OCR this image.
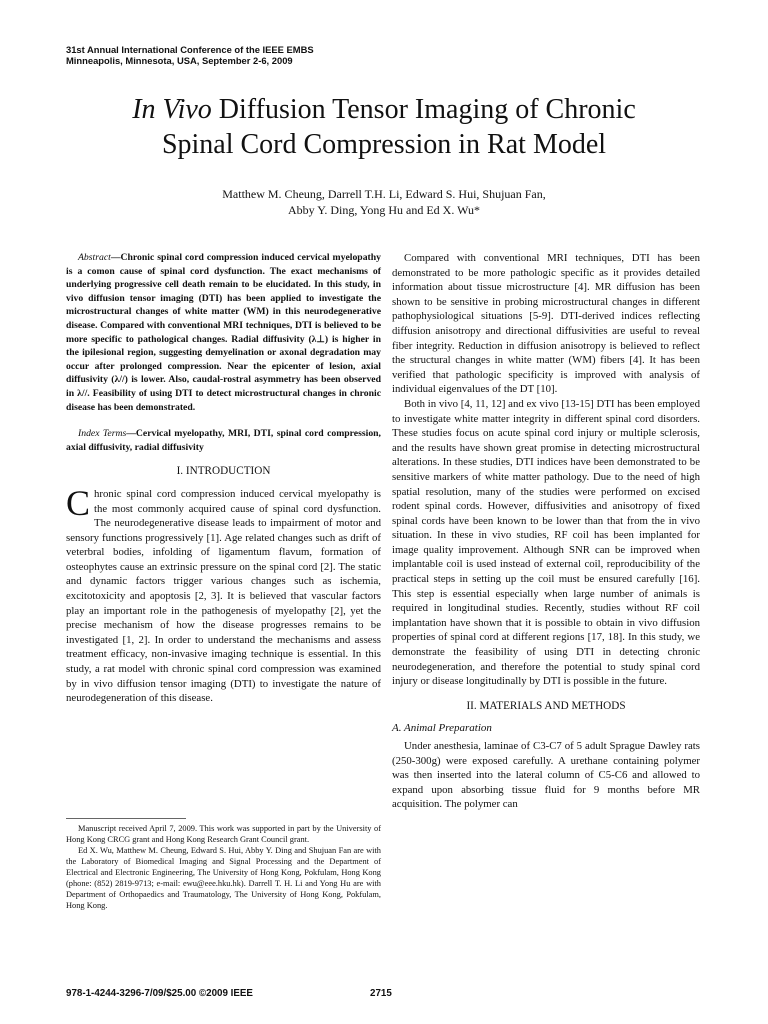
31st Annual International Conference of the IEEE EMBS
Minneapolis, Minnesota, USA, September 2-6, 2009
In Vivo Diffusion Tensor Imaging of Chronic
Spinal Cord Compression in Rat Model
Matthew M. Cheung, Darrell T.H. Li, Edward S. Hui, Shujuan Fan,
Abby Y. Ding, Yong Hu and Ed X. Wu*
Abstract—Chronic spinal cord compression induced cervical myelopathy is a comon cause of spinal cord dysfunction. The exact mechanisms of underlying progressive cell death remain to be elucidated. In this study, in vivo diffusion tensor imaging (DTI) has been applied to investigate the microstructural changes of white matter (WM) in this neurodegenerative disease. Compared with conventional MRI techniques, DTI is believed to be more specific to pathological changes. Radial diffusivity (λ⊥) is higher in the ipilesional region, suggesting demyelination or axonal degradation may occur after prolonged compression. Near the epicenter of lesion, axial diffusivity (λ//) is lower. Also, caudal-rostral asymmetry has been observed in λ//. Feasibility of using DTI to detect microstructural changes in chronic disease has been demonstrated.
Index Terms—Cervical myelopathy, MRI, DTI, spinal cord compression, axial diffusivity, radial diffusivity
I. INTRODUCTION

Chronic spinal cord compression induced cervical myelopathy is the most commonly acquired cause of spinal cord dysfunction. The neurodegenerative disease leads to impairment of motor and sensory functions progressively [1]. Age related changes such as drift of veterbral bodies, infolding of ligamentum flavum, formation of osteophytes cause an extrinsic pressure on the spinal cord [2]. The static and dynamic factors trigger various changes such as ischemia, excitotoxicity and apoptosis [2, 3]. It is believed that vascular factors play an important role in the pathogenesis of myelopathy [2], yet the precise mechanism of how the disease progresses remains to be investigated [1, 2]. In order to understand the mechanisms and assess treatment efficacy, non-invasive imaging technique is essential. In this study, a rat model with chronic spinal cord compression was examined by in vivo diffusion tensor imaging (DTI) to investigate the nature of neurodegeneration of this disease.

Manuscript received April 7, 2009. This work was supported in part by the University of Hong Kong CRCG grant and Hong Kong Research Grant Council grant.

Ed X. Wu, Matthew M. Cheung, Edward S. Hui, Abby Y. Ding and Shujuan Fan are with the Laboratory of Biomedical Imaging and Signal Processing and the Department of Electrical and Electronic Engineering, The University of Hong Kong, Pokfulam, Hong Kong (phone: (852) 2819-9713; e-mail: ewu@eee.hku.hk). Darrell T. H. Li and Yong Hu are with Department of Orthopaedics and Traumatology, The University of Hong Kong, Pokfulam, Hong Kong.

Compared with conventional MRI techniques, DTI has been demonstrated to be more pathologic specific as it provides detailed information about tissue microstructure [4]. MR diffusion has been shown to be sensitive in probing microstructural changes in different pathophysiological situations [5-9]. DTI-derived indices reflecting diffusion anisotropy and directional diffusivities are useful to reveal fiber integrity. Reduction in diffusion anisotropy is believed to reflect the structural changes in white matter (WM) fibers [4]. It has been verified that pathologic specificity is improved with analysis of individual eigenvalues of the DT [10].

Both in vivo [4, 11, 12] and ex vivo [13-15] DTI has been employed to investigate white matter integrity in different spinal cord disorders. These studies focus on acute spinal cord injury or multiple sclerosis, and the results have shown great promise in detecting microstructural alterations. In these studies, DTI indices have been demonstrated to be sensitive markers of white matter pathology. Due to the need of high spatial resolution, many of the studies were performed on excised rodent spinal cords. However, diffusivities and anisotropy of fixed spinal cords have been known to be lower than that from the in vivo situation. In these in vivo studies, RF coil has been implanted for image quality improvement. Although SNR can be improved when implantable coil is used instead of external coil, reproducibility of the practical steps in setting up the coil must be ensured carefully [16]. This step is essential especially when large number of animals is required in longitudinal studies. Recently, studies without RF coil implantation have shown that it is possible to obtain in vivo diffusion properties of spinal cord at different regions [17, 18]. In this study, we demonstrate the feasibility of using DTI in detecting chronic neurodegeneration, and therefore the potential to study spinal cord injury or disease longitudinally by DTI is possible in the future.

II. MATERIALS AND METHODS
A. Animal Preparation

Under anesthesia, laminae of C3-C7 of 5 adult Sprague Dawley rats (250-300g) were exposed carefully. A urethane containing polymer was then inserted into the lateral column of C5-C6 and allowed to expand upon absorbing tissue fluid for 9 months before MR acquisition. The polymer can

978-1-4244-3296-7/09/$25.00 ©2009 IEEE	2715
